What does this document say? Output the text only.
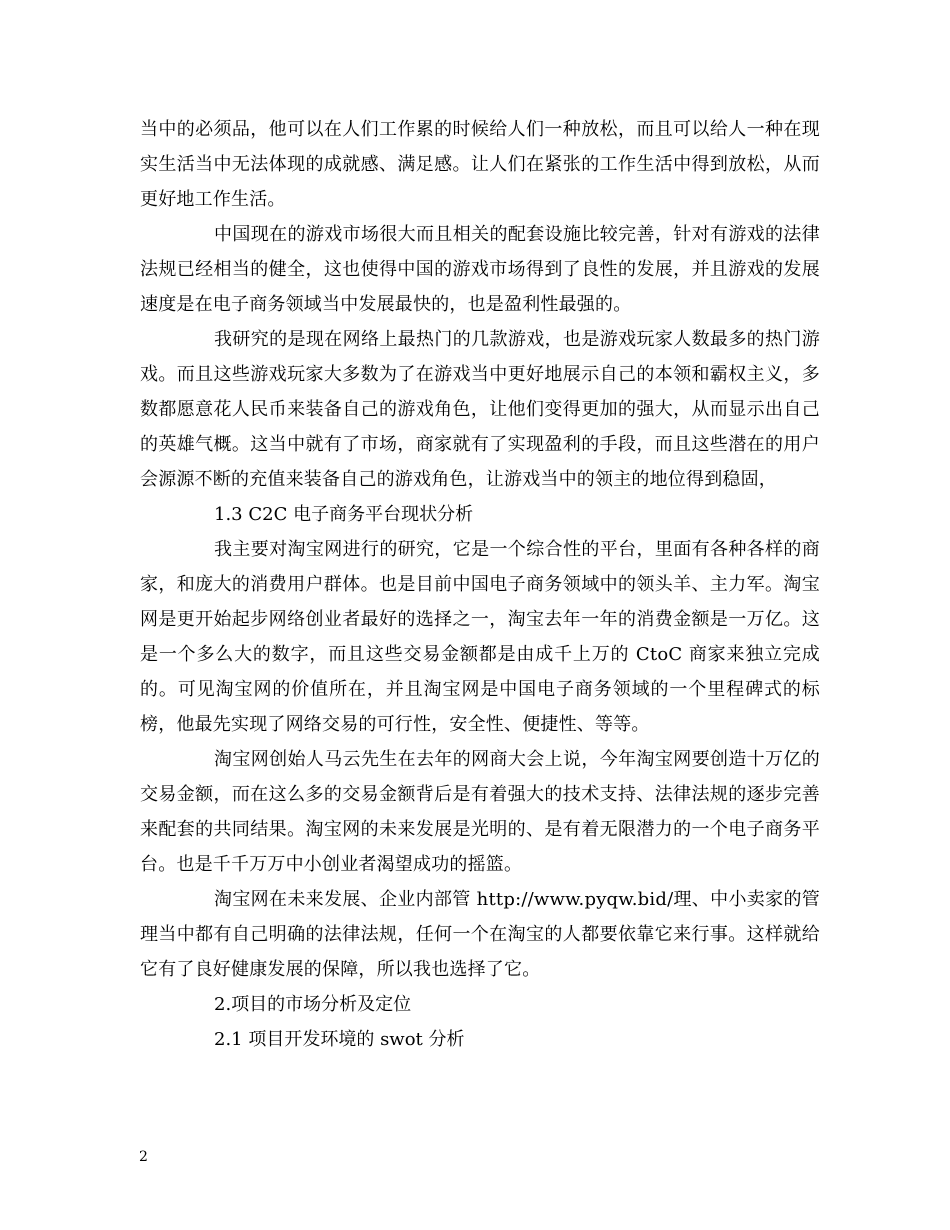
当中的必须品，他可以在人们工作累的时候给人们一种放松，而且可以给人一种在现实生活当中无法体现的成就感、满足感。让人们在紧张的工作生活中得到放松，从而更好地工作生活。

中国现在的游戏市场很大而且相关的配套设施比较完善，针对有游戏的法律法规已经相当的健全，这也使得中国的游戏市场得到了良性的发展，并且游戏的发展速度是在电子商务领域当中发展最快的，也是盈利性最强的。

我研究的是现在网络上最热门的几款游戏，也是游戏玩家人数最多的热门游戏。而且这些游戏玩家大多数为了在游戏当中更好地展示自己的本领和霸权主义，多数都愿意花人民币来装备自己的游戏角色，让他们变得更加的强大，从而显示出自己的英雄气概。这当中就有了市场，商家就有了实现盈利的手段，而且这些潜在的用户会源源不断的充值来装备自己的游戏角色，让游戏当中的领主的地位得到稳固，

1.3 C2C 电子商务平台现状分析

我主要对淘宝网进行的研究，它是一个综合性的平台，里面有各种各样的商家，和庞大的消费用户群体。也是目前中国电子商务领域中的领头羊、主力军。淘宝网是更开始起步网络创业者最好的选择之一，淘宝去年一年的消费金额是一万亿。这是一个多么大的数字，而且这些交易金额都是由成千上万的 CtoC 商家来独立完成的。可见淘宝网的价值所在，并且淘宝网是中国电子商务领域的一个里程碑式的标榜，他最先实现了网络交易的可行性，安全性、便捷性、等等。

淘宝网创始人马云先生在去年的网商大会上说，今年淘宝网要创造十万亿的交易金额，而在这么多的交易金额背后是有着强大的技术支持、法律法规的逐步完善来配套的共同结果。淘宝网的未来发展是光明的、是有着无限潜力的一个电子商务平台。也是千千万万中小创业者渴望成功的摇篮。

淘宝网在未来发展、企业内部管 http://www.pyqw.bid/理、中小卖家的管理当中都有自己明确的法律法规，任何一个在淘宝的人都要依靠它来行事。这样就给它有了良好健康发展的保障，所以我也选择了它。

2.项目的市场分析及定位

2.1 项目开发环境的 swot 分析

2
